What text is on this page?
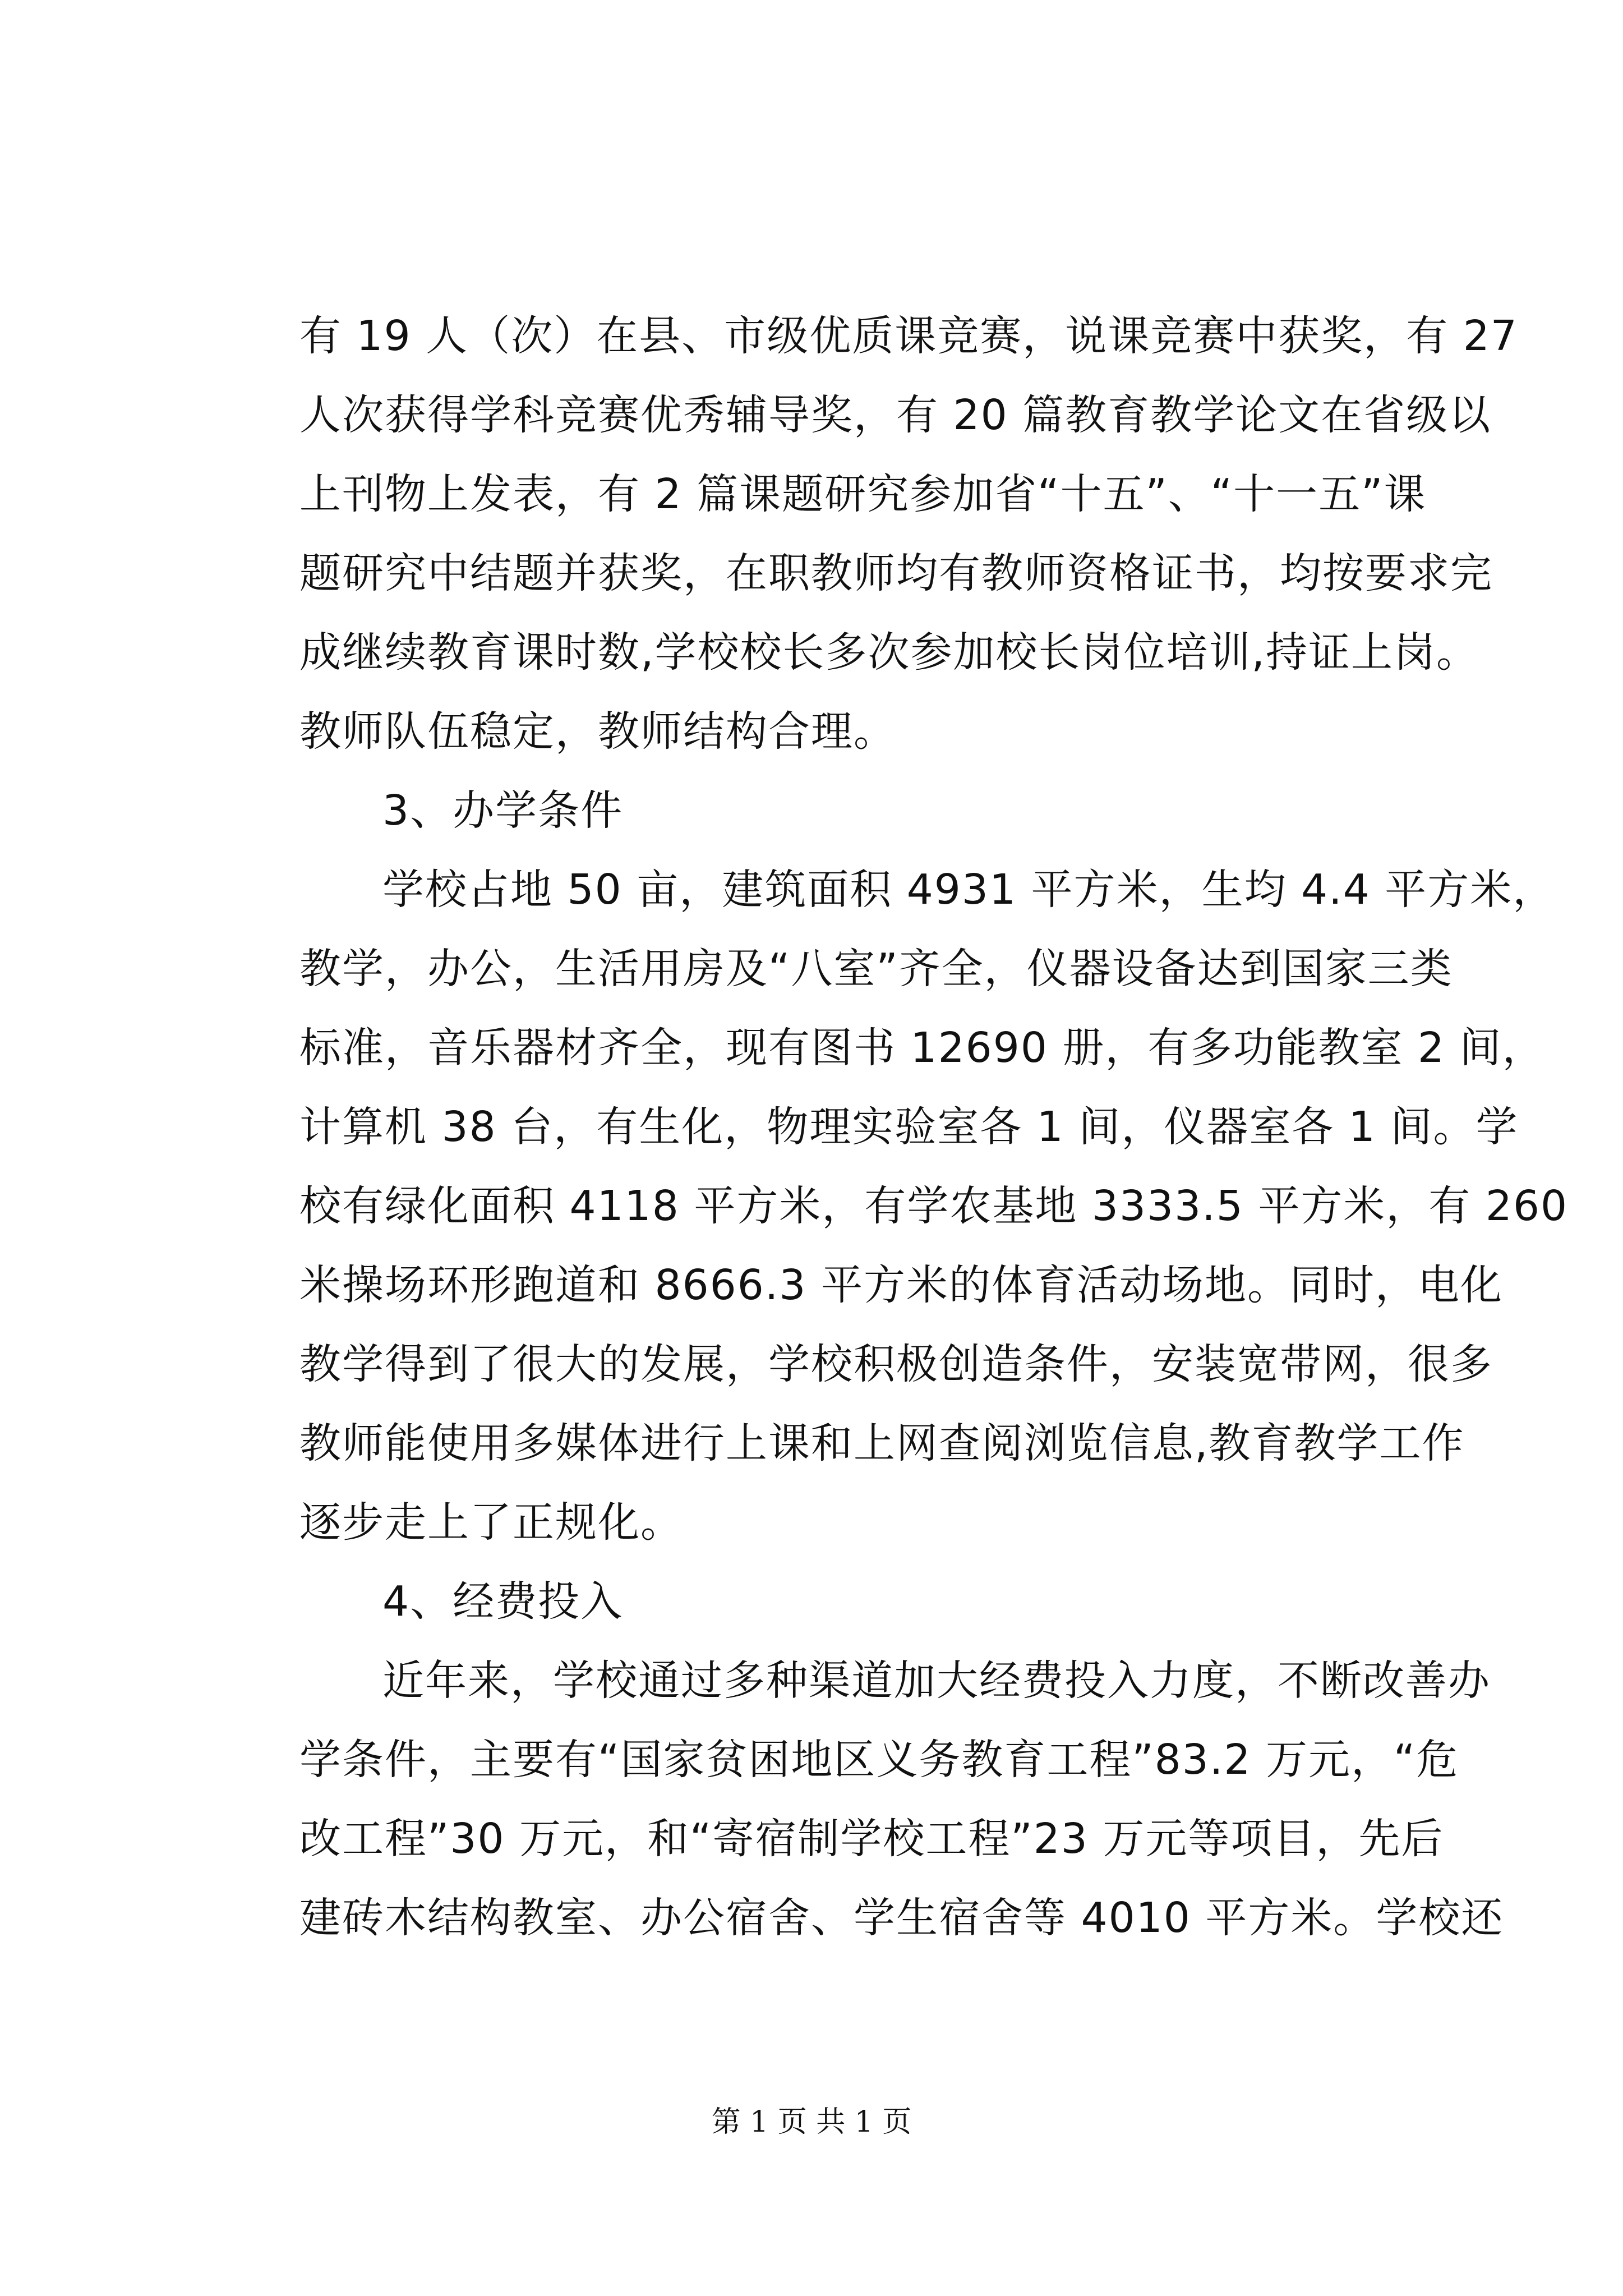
有 19 人（次）在县、市级优质课竞赛，说课竞赛中获奖，有 27
人次获得学科竞赛优秀辅导奖，有 20 篇教育教学论文在省级以
上刊物上发表，有 2 篇课题研究参加省“十五”、“十一五”课
题研究中结题并获奖，在职教师均有教师资格证书，均按要求完
成继续教育课时数,学校校长多次参加校长岗位培训,持证上岗。
教师队伍稳定，教师结构合理。
3、办学条件
学校占地 50 亩，建筑面积 4931 平方米，生均 4.4 平方米，
教学，办公，生活用房及“八室”齐全，仪器设备达到国家三类
标准，音乐器材齐全，现有图书 12690 册，有多功能教室 2 间，
计算机 38 台，有生化，物理实验室各 1 间，仪器室各 1 间。学
校有绿化面积 4118 平方米，有学农基地 3333.5 平方米，有 260
米操场环形跑道和 8666.3 平方米的体育活动场地。同时，电化
教学得到了很大的发展，学校积极创造条件，安装宽带网，很多
教师能使用多媒体进行上课和上网查阅浏览信息,教育教学工作
逐步走上了正规化。
4、经费投入
近年来，学校通过多种渠道加大经费投入力度，不断改善办
学条件，主要有“国家贫困地区义务教育工程”83.2 万元，“危
改工程”30 万元，和“寄宿制学校工程”23 万元等项目，先后
建砖木结构教室、办公宿舍、学生宿舍等 4010 平方米。学校还
第 1 页 共 1 页
